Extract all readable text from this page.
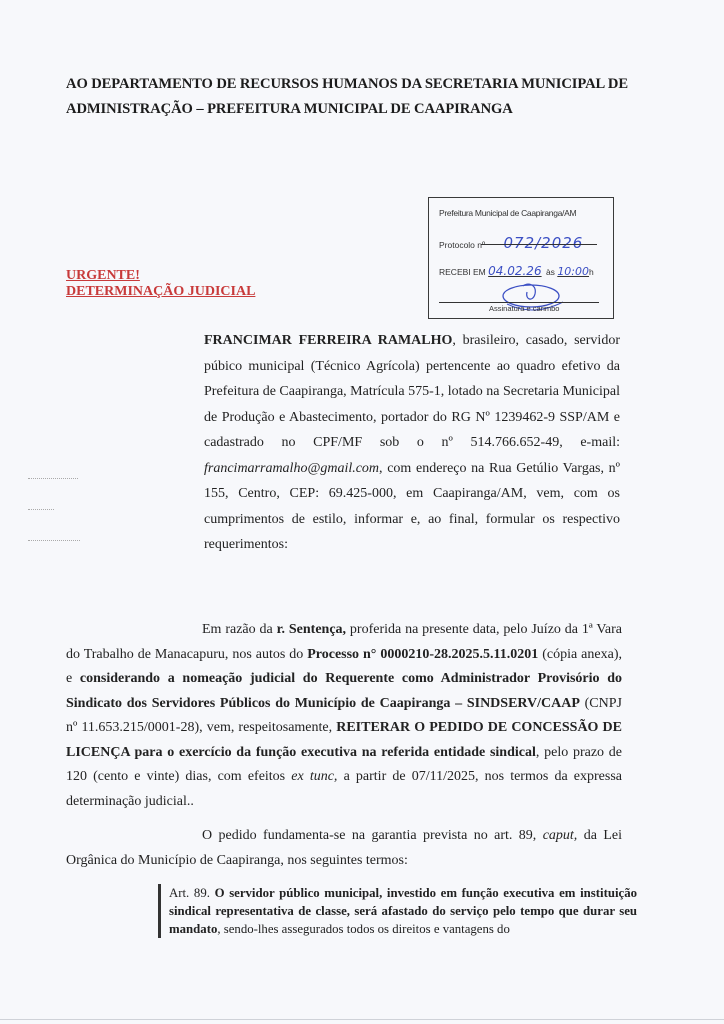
AO DEPARTAMENTO DE RECURSOS HUMANOS DA SECRETARIA MUNICIPAL DE
ADMINISTRAÇÃO – PREFEITURA MUNICIPAL DE CAAPIRANGA
Prefeitura Municipal de Caapiranga/AM
Protocolo nº 072/2026
RECEBI EM 04.02.26 às 10:00h
Assinatura e carimbo
URGENTE!
DETERMINAÇÃO JUDICIAL
FRANCIMAR FERREIRA RAMALHO, brasileiro, casado, servidor púbico municipal (Técnico Agrícola) pertencente ao quadro efetivo da Prefeitura de Caapiranga, Matrícula 575-1, lotado na Secretaria Municipal de Produção e Abastecimento, portador do RG Nº 1239462-9 SSP/AM e cadastrado no CPF/MF sob o nº 514.766.652-49, e-mail: francimarramalho@gmail.com, com endereço na Rua Getúlio Vargas, nº 155, Centro, CEP: 69.425-000, em Caapiranga/AM, vem, com os cumprimentos de estilo, informar e, ao final, formular os respectivo requerimentos:
Em razão da r. Sentença, proferida na presente data, pelo Juízo da 1ª Vara do Trabalho de Manacapuru, nos autos do Processo n° 0000210-28.2025.5.11.0201 (cópia anexa), e considerando a nomeação judicial do Requerente como Administrador Provisório do Sindicato dos Servidores Públicos do Município de Caapiranga – SINDSERV/CAAP (CNPJ nº 11.653.215/0001-28), vem, respeitosamente, REITERAR O PEDIDO DE CONCESSÃO DE LICENÇA para o exercício da função executiva na referida entidade sindical, pelo prazo de 120 (cento e vinte) dias, com efeitos ex tunc, a partir de 07/11/2025, nos termos da expressa determinação judicial..
O pedido fundamenta-se na garantia prevista no art. 89, caput, da Lei Orgânica do Município de Caapiranga, nos seguintes termos:
Art. 89. O servidor público municipal, investido em função executiva em instituição sindical representativa de classe, será afastado do serviço pelo tempo que durar seu mandato, sendo-lhes assegurados todos os direitos e vantagens do
